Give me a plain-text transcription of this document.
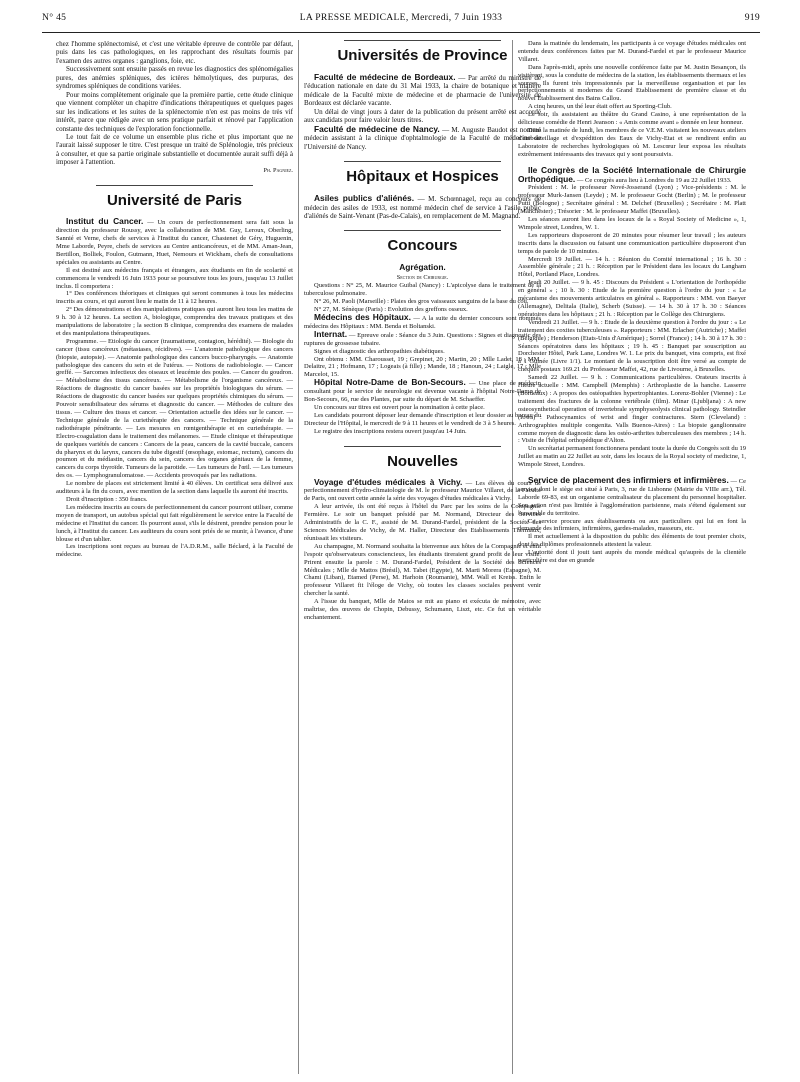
N° 45	LA PRESSE MEDICALE, Mercredi, 7 Juin 1933	919

chez l'homme splénectomisé, et c'est une véritable épreuve de contrôle par défaut, puis dans les cas pathologiques, en les rapprochant des résultats fournis par l'examen des autres organes : ganglions, foie, etc.

Successivement sont ensuite passés en revue les diagnostics des splénomégalies pures, des anémies spléniques, des ictères hémolytiques, des purpuras, des syndromes spléniques de conditions variées.

Pour moins complètement originale que la première partie, cette étude clinique que viennent compléter un chapitre d'indications thérapeutiques et quelques pages sur les indications et les suites de la splénectomie n'en est pas moins de très vif intérêt, parce que rédigée avec un sens pratique parfait et rénové par l'application constante des techniques de l'exploration fonctionnelle.

Le tout fait de ce volume un ensemble plus riche et plus important que ne l'aurait laissé supposer le titre. C'est presque un traité de Splénologie, très précieux à consulter, et que sa partie originale substantielle et documentée aurait suffi déjà à imposer à l'attention.

Ph. Pagniez.

Université de Paris

Institut du Cancer. — Un cours de perfectionnement sera fait sous la direction du professeur Roussy, avec la collaboration de MM. Guy, Leroux, Oberling, Sannié et Verne, chefs de services à l'Institut du cancer, Chastenet de Géry, Huguenin, Mme Laborde, Peyre, chefs de services au Centre anticancéreux, et de MM. Aman-Jean, Bertillon, Bolliek, Foulon, Gutmann, Huet, Nemours et Wickham, chefs de consultations spéciales ou assistants au Centre.

Il est destiné aux médecins français et étrangers, aux étudiants en fin de scolarité et commencera le vendredi 16 Juin 1933 pour se poursuivre tous les jours, jusqu'au 13 Juillet inclus. Il comportera :

1° Des conférences théoriques et cliniques qui seront communes à tous les médecins inscrits au cours, et qui auront lieu le matin de 11 à 12 heures.

2° Des démonstrations et des manipulations pratiques qui auront lieu tous les matins de 9 h. 30 à 12 heures. La section A, biologique, comprendra des travaux pratiques et des manipulations de laboratoire ; la section B clinique, comprendra des examens de malades et des manipulations thérapeutiques.

Programme. — Etiologie du cancer (traumatisme, contagion, hérédité). — Biologie du cancer (tissu cancéreux (métastases, récidives). — L'anatomie pathologique des cancers (biopsie, autopsie). — Anatomie pathologique des cancers bucco-pharyngés. — Anatomie pathologique des cancers du sein et de l'utérus. — Notions de radiobiologie. — Cancer greffé. — Sarcomes infectieux des oiseaux et leucémie des poules. — Cancer du goudron. — Métabolisme des tissus cancéreux. — Métabolisme de l'organisme cancéreux. — Réactions de diagnostic du cancer basées sur les propriétés biologiques du sérum. — Réactions de diagnostic du cancer basées sur quelques propriétés chimiques du sérum. — Pouvoir sensibilisateur des sérums et diagnostic du cancer. — Méthodes de culture des tissus. — Culture des tissus et cancer. — Orientation actuelle des idées sur le cancer. — Technique générale de la curiethérapie des cancers. — Technique générale de la radiothérapie pénétrante. — Les mesures en rœntgenthérapie et en curiethérapie. — Electro-coagulation dans le traitement des mélanomes. — Etude clinique et thérapeutique de quelques variétés de cancers : Cancers de la peau, cancers de la cavité buccale, cancers du pharynx et du larynx, cancers du tube digestif (œsophage, estomac, rectum), cancers du poumon et du médiastin, cancers du sein, cancers des organes génitaux de la femme, cancers du corps thyroïde. Tumeurs de la parotide. — Les tumeurs de l'œil. — Les tumeurs des os. — Lymphogranulomatose. — Accidents provoqués par les radiations.

Le nombre de places est strictement limité à 40 élèves. Un certificat sera délivré aux auditeurs à la fin du cours, avec mention de la section dans laquelle ils auront été inscrits.

Droit d'inscription : 350 francs.

Les médecins inscrits au cours de perfectionnement du cancer pourront utiliser, comme moyen de transport, un autobus spécial qui fait régulièrement le service entre la Faculté de médecine et l'Institut du cancer. Ils pourront aussi, s'ils le désirent, prendre pension pour le lunch, à l'Institut du cancer. Les auditeurs du cours sont priés de se munir, à l'avance, d'une blouse et d'un tablier.

Les inscriptions sont reçues au bureau de l'A.D.R.M., salle Béclard, à la Faculté de médecine.

Universités de Province

Faculté de médecine de Bordeaux. — Par arrêté du ministre de l'éducation nationale en date du 31 Mai 1933, la chaire de botanique et matière médicale de la Faculté mixte de médecine et de pharmacie de l'université de Bordeaux est déclarée vacante.

Un délai de vingt jours à dater de la publication du présent arrêté est accordé aux candidats pour faire valoir leurs titres.

Faculté de médecine de Nancy. — M. Auguste Baudot est nommé médecin assistant à la clinique d'ophtalmologie de la Faculté de médecine de l'Université de Nancy.

Hôpitaux et Hospices

Asiles publics d'aliénés. — M. Schœnnagel, reçu au concours de médecin des asiles de 1933, est nommé médecin chef de service à l'asile public d'aliénés de Saint-Venant (Pas-de-Calais), en remplacement de M. Magnand.

Concours
Agrégation.

Section de Chirurgie.

Questions : N° 25, M. Maurice Guibal (Nancy) : L'apicolyse dans le traitement de la tuberculose pulmonaire.

N° 26, M. Paoli (Marseille) : Plaies des gros vaisseaux sanguins de la base du cou.

N° 27, M. Sénèque (Paris) : Evolution des greffons osseux.

Médecins des Hôpitaux. — A la suite du dernier concours sont nommés médecins des Hôpitaux : MM. Benda et Boltanski.

Internat. — Epreuve orale : Séance du 3 Juin. Questions : Signes et diagnostic des ruptures de grossesse tubaire.

Signes et diagnostic des arthropathies diabétiques.

Ont obtenu : MM. Charousset, 19 ; Grepinet, 20 ; Martin, 20 ; Mlle Ladet, 18 ; MM. Delaitre, 21 ; Hofmann, 17 ; Logeais (à fille) ; Mande, 18 ; Hanoun, 24 ; Laigle, 17 ; Mlle Marcelot, 15.

Hôpital Notre-Dame de Bon-Secours. — Une place de médecin consultant pour le service de neurologie est devenue vacante à l'hôpital Notre-Dame de Bon-Secours, 66, rue des Plantes, par suite du départ de M. Schaeffer.

Un concours sur titres est ouvert pour la nomination à cette place.

Les candidats pourront déposer leur demande d'inscription et leur dossier au bureau du Directeur de l'Hôpital, le mercredi de 9 à 11 heures et le vendredi de 3 à 5 heures.

Le registre des inscriptions restera ouvert jusqu'au 14 Juin.

Nouvelles

Voyage d'études médicales à Vichy. — Les élèves du cours de perfectionnement d'hydro-climatologie de M. le professeur Maurice Villaret, de la Faculté de Paris, ont ouvert cette année la série des voyages d'études médicales à Vichy.

A leur arrivée, ils ont été reçus à l'hôtel du Parc par les soins de la Compagnie Fermière. Le soir un banquet présidé par M. Normand, Directeur des Services Administratifs de la C. F., assisté de M. Durand-Fardel, président de la Société des Sciences Médicales de Vichy, de M. Haller, Directeur des Etablissements Thermaux, réunissait les visiteurs.

Au champagne, M. Normand souhaita la bienvenue aux hôtes de la Compagnie et émit l'espoir qu'observateurs consciencieux, les étudiants tireraient grand profit de leur visite. Prirent ensuite la parole : M. Durand-Fardel, Président de la Société des Sciences Médicales ; Mlle de Mattos (Brésil), M. Tabet (Egypte), M. Marti Morera (Espagne), M. Chami (Liban), Etamed (Perse), M. Harhoin (Roumanie), MM. Wall et Kreiss. Enfin le professeur Villaret fit l'éloge de Vichy, où toutes les classes sociales peuvent venir chercher la santé.

A l'issue du banquet, Mlle de Matos se mit au piano et exécuta de mémoire, avec maîtrise, des œuvres de Chopin, Debussy, Schumann, Liszt, etc. Ce fut un véritable enchantement.

Dans la matinée du lendemain, les participants à ce voyage d'études médicales ont entendu deux conférences faites par M. Durand-Fardel et par le professeur Maurice Villaret.

Dans l'après-midi, après une nouvelle conférence faite par M. Justin Besançon, ils visitèrent, sous la conduite de médecins de la station, les établissements thermaux et les sources. Ils furent très impressionnés par la merveilleuse organisation et par les perfectionnements si modernes du Grand Etablissement de première classe et du nouvel Etablissement des Bains Callou.

A cinq heures, un thé leur était offert au Sporting-Club.

Le soir, ils assistaient au théâtre du Grand Casino, à une représentation de la délicieuse comédie de Henri Jeanson : « Amis comme avant » donnée en leur honneur.

Dans la matinée de lundi, les membres de ce V.E.M. visitaient les nouveaux ateliers d'embouteillage et d'expédition des Eaux de Vichy-Etat et se rendirent enfin au Laboratoire de recherches hydrologiques où M. Lescœur leur exposa les résultats extrêmement intéressants des travaux qui y sont poursuivis.

IIe Congrès de la Société Internationale de Chirurgie Orthopédique. — Ce congrès aura lieu à Londres du 19 au 22 Juillet 1933.

Président : M. le professeur Nové-Josserand (Lyon) ; Vice-présidents : M. le professeur Murk-Jansen (Leyde) ; M. le professeur Gocht (Berlin) ; M. le professeur Putti (Bologne) ; Secrétaire général : M. Delchef (Bruxelles) ; Secrétaire : M. Platt (Manchester) ; Trésorier : M. le professeur Maffei (Bruxelles).

Les séances auront lieu dans les locaux de la « Royal Society of Medicine », 1, Wimpole street, Londres, W. 1.

Les rapporteurs disposeront de 20 minutes pour résumer leur travail ; les auteurs inscrits dans la discussion ou faisant une communication particulière disposeront d'un temps de parole de 10 minutes.

Mercredi 19 Juillet. — 14 h. : Réunion du Comité international ; 16 h. 30 : Assemblée générale ; 21 h. : Réception par le Président dans les locaux du Langham Hôtel, Portland Place, Londres.

Jeudi 20 Juillet. — 9 h. 45 : Discours du Président « L'orientation de l'orthopédie en général » ; 10 h. 30 : Etude de la première question à l'ordre du jour : « Le mécanisme des mouvements articulaires en général ». Rapporteurs : MM. von Baeyer (Allemagne), Delitala (Italie), Scherb (Suisse). — 14 h. 30 à 17 h. 30 : Séances opératoires dans les hôpitaux ; 21 h. : Réception par le Collège des Chirurgiens.

Vendredi 21 Juillet. — 9 h. : Etude de la deuxième question à l'ordre du jour : « Le traitement des coxites tuberculeuses ». Rapporteurs : MM. Erlacher (Autriche) ; Maffei (Belgique) ; Henderson (Etats-Unis d'Amérique) ; Sorrel (France) ; 14 h. 30 à 17 h. 30 : Séances opératoires dans les hôpitaux ; 19 h. 45 : Banquet par souscription au Dorchester Hôtel, Park Lane, Londres W. 1. Le prix du banquet, vins compris, est fixé à 1 Guinée (Livre 1/1). Le montant de la souscription doit être versé au compte de chèques postaux 169.21 du Professeur Maffei, 42, rue de Livourne, à Bruxelles.

Samedi 22 Juillet. — 9 h. : Communications particulières. Orateurs inscrits à l'heure actuelle : MM. Campbell (Memphis) : Arthroplastie de la hanche. Lasserre (Bordeaux) : A propos des ostéopathies hypertrophiantes. Lorenz-Bohler (Vienne) : Le traitement des fractures de la colonne vertébrale (film). Minar (Ljubljana) : A new osteosynthetical operation of invertebrale symphyseolysis clinical pathology. Steindler (Iowa) : Pathocynamics of wrist and finger contractures. Stern (Cleveland) : Arthrographies multiple congenita. Valls Buenos-Aires) : La biopsie ganglionnaire comme moyen de diagnostic dans les ostéo-arthrites tuberculeuses des membres ; 14 h. : Visite de l'hôpital orthopédique d'Alton.

Un secrétariat permanent fonctionnera pendant toute la durée du Congrès soit du 19 Juillet au matin au 22 Juillet au soir, dans les locaux de la Royal society of medicine, 1, Wimpole Street, Londres.

Service de placement des infirmiers et infirmières. — Ce service dont le siège est situé à Paris, 3, rue de Lisbonne (Mairie du VIIIe arr.), Tél. Laborde 69-83, est un organisme centralisateur du placement du personnel hospitalier. Son action n'est pas limitée à l'agglomération parisienne, mais s'étend également sur l'ensemble du territoire.

Ce service procure aux établissements ou aux particuliers qui lui en font la demande des infirmiers, infirmières, gardes-malades, masseurs, etc.

Il met actuellement à la disposition du public des éléments de tout premier choix, dont les diplômes professionnels attestent la valeur.

L'autorité dont il jouit tant auprès du monde médical qu'auprès de la clientèle particulière est due en grande
